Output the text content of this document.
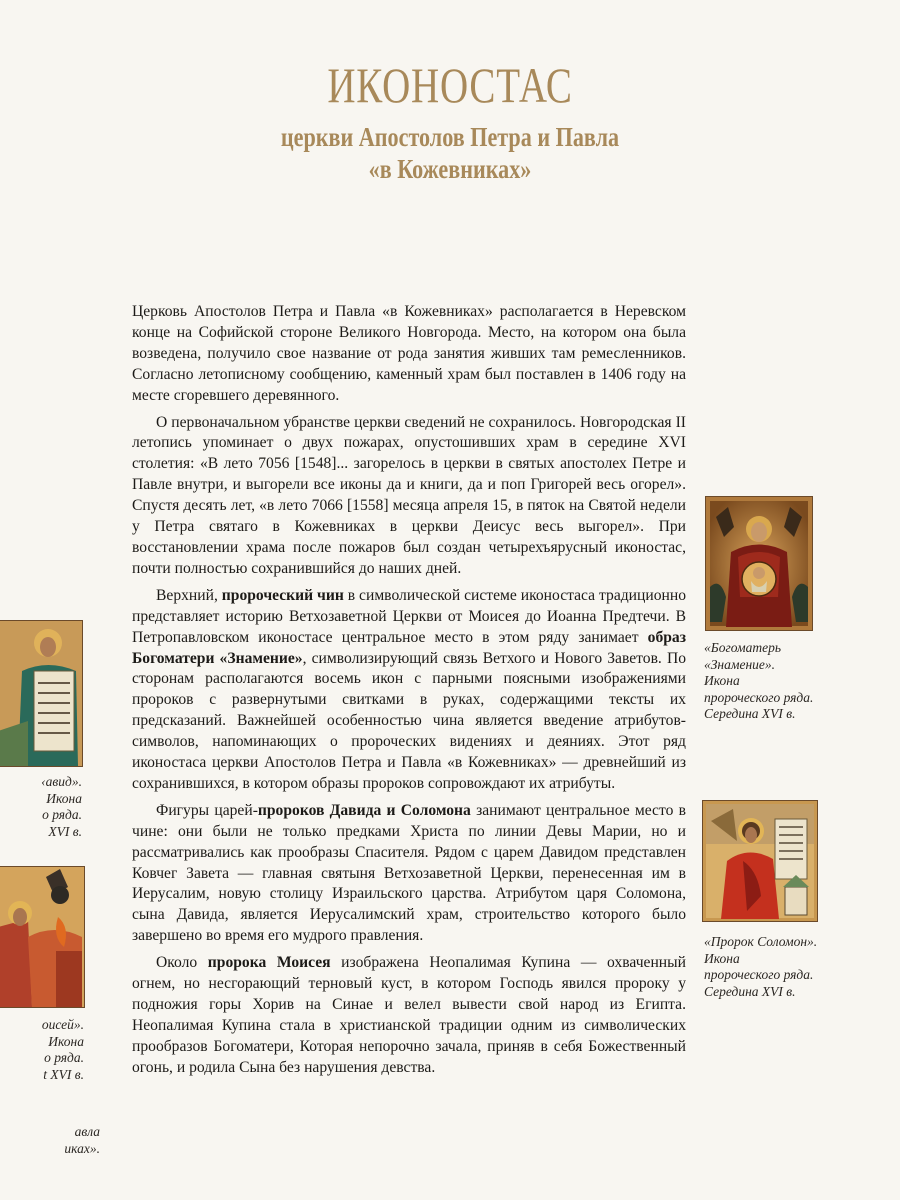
ИКОНОСТАС
церкви Апостолов Петра и Павла
«в Кожевниках»

Церковь Апостолов Петра и Павла «в Кожевниках» располагается в Неревском конце на Софийской стороне Великого Новгорода. Место, на котором она была возведена, получило свое название от рода занятия живших там ремесленников. Согласно летописному сообщению, каменный храм был поставлен в 1406 году на месте сгоревшего деревянного.

О первоначальном убранстве церкви сведений не сохранилось. Новгородская II летопись упоминает о двух пожарах, опустошивших храм в середине XVI столетия: «В лето 7056 [1548]... загорелось в церкви в святых апостолех Петре и Павле внутри, и выгорели все иконы да и книги, да и поп Григорей весь огорел». Спустя десять лет, «в лето 7066 [1558] месяца апреля 15, в пяток на Святой недели у Петра святаго в Кожевниках в церкви Деисус весь выгорел». При восстановлении храма после пожаров был создан четырехъярусный иконостас, почти полностью сохранившийся до наших дней.

Верхний, пророческий чин в символической системе иконостаса традиционно представляет историю Ветхозаветной Церкви от Моисея до Иоанна Предтечи. В Петропавловском иконостасе центральное место в этом ряду занимает образ Богоматери «Знамение», символизирующий связь Ветхого и Нового Заветов. По сторонам располагаются восемь икон с парными поясными изображениями пророков с развернутыми свитками в руках, содержащими тексты их предсказаний. Важнейшей особенностью чина является введение атрибутов-символов, напоминающих о пророческих видениях и деяниях. Этот ряд иконостаса церкви Апостолов Петра и Павла «в Кожевниках» — древнейший из сохранившихся, в котором образы пророков сопровождают их атрибуты.

Фигуры царей-пророков Давида и Соломона занимают центральное место в чине: они были не только предками Христа по линии Девы Марии, но и рассматривались как прообразы Спасителя. Рядом с царем Давидом представлен Ковчег Завета — главная святыня Ветхозаветной Церкви, перенесенная им в Иерусалим, новую столицу Израильского царства. Атрибутом царя Соломона, сына Давида, является Иерусалимский храм, строительство которого было завершено во время его мудрого правления.

Около пророка Моисея изображена Неопалимая Купина — охваченный огнем, но несгорающий терновый куст, в котором Господь явился пророку у подножия горы Хорив на Синае и велел вывести свой народ из Египта. Неопалимая Купина стала в христианской традиции одним из символических прообразов Богоматери, Которая непорочно зачала, приняв в себя Божественный огонь, и родила Сына без нарушения девства.

«Богоматерь
«Знамение».
Икона
пророческого ряда.
Середина XVI в.
«Пророк Соломон».
Икона
пророческого ряда.
Середина XVI в.
‹авид».
Икона
о ряда.
XVI в.
оисей».
Икона
о ряда.
t XVI в.
авла
иках».
